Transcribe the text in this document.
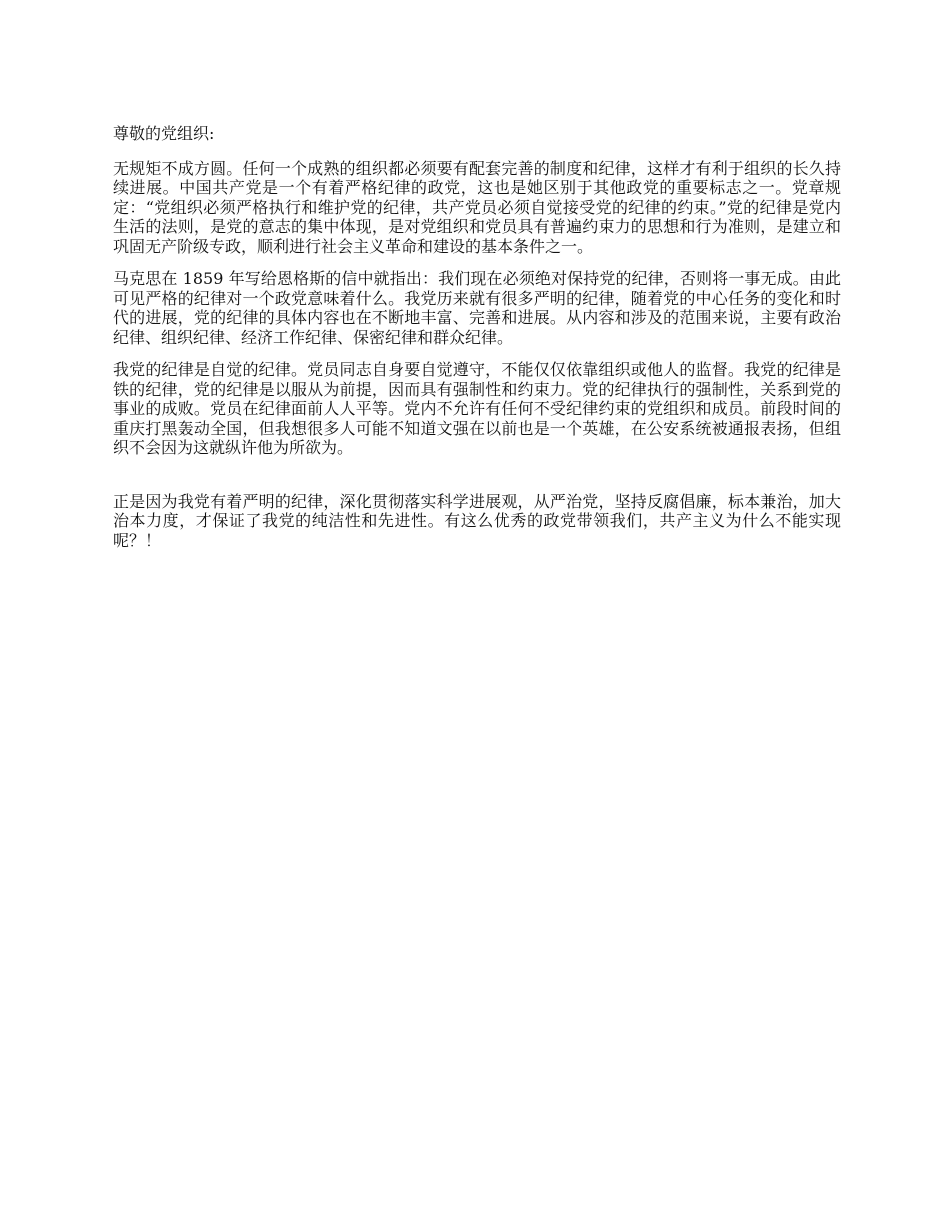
尊敬的党组织:

无规矩不成方圆。任何一个成熟的组织都必须要有配套完善的制度和纪律，这样才有利于组织的长久持续进展。中国共产党是一个有着严格纪律的政党，这也是她区别于其他政党的重要标志之一。党章规定：“党组织必须严格执行和维护党的纪律，共产党员必须自觉接受党的纪律的约束。”党的纪律是党内生活的法则，是党的意志的集中体现，是对党组织和党员具有普遍约束力的思想和行为准则，是建立和巩固无产阶级专政，顺利进行社会主义革命和建设的基本条件之一。

马克思在 1859 年写给恩格斯的信中就指出：我们现在必须绝对保持党的纪律，否则将一事无成。由此可见严格的纪律对一个政党意味着什么。我党历来就有很多严明的纪律，随着党的中心任务的变化和时代的进展，党的纪律的具体内容也在不断地丰富、完善和进展。从内容和涉及的范围来说，主要有政治纪律、组织纪律、经济工作纪律、保密纪律和群众纪律。

我党的纪律是自觉的纪律。党员同志自身要自觉遵守，不能仅仅依靠组织或他人的监督。我党的纪律是铁的纪律，党的纪律是以服从为前提，因而具有强制性和约束力。党的纪律执行的强制性，关系到党的事业的成败。党员在纪律面前人人平等。党内不允许有任何不受纪律约束的党组织和成员。前段时间的重庆打黑轰动全国，但我想很多人可能不知道文强在以前也是一个英雄，在公安系统被通报表扬，但组织不会因为这就纵许他为所欲为。

正是因为我党有着严明的纪律，深化贯彻落实科学进展观，从严治党，坚持反腐倡廉，标本兼治，加大治本力度，才保证了我党的纯洁性和先进性。有这么优秀的政党带领我们，共产主义为什么不能实现呢？！
